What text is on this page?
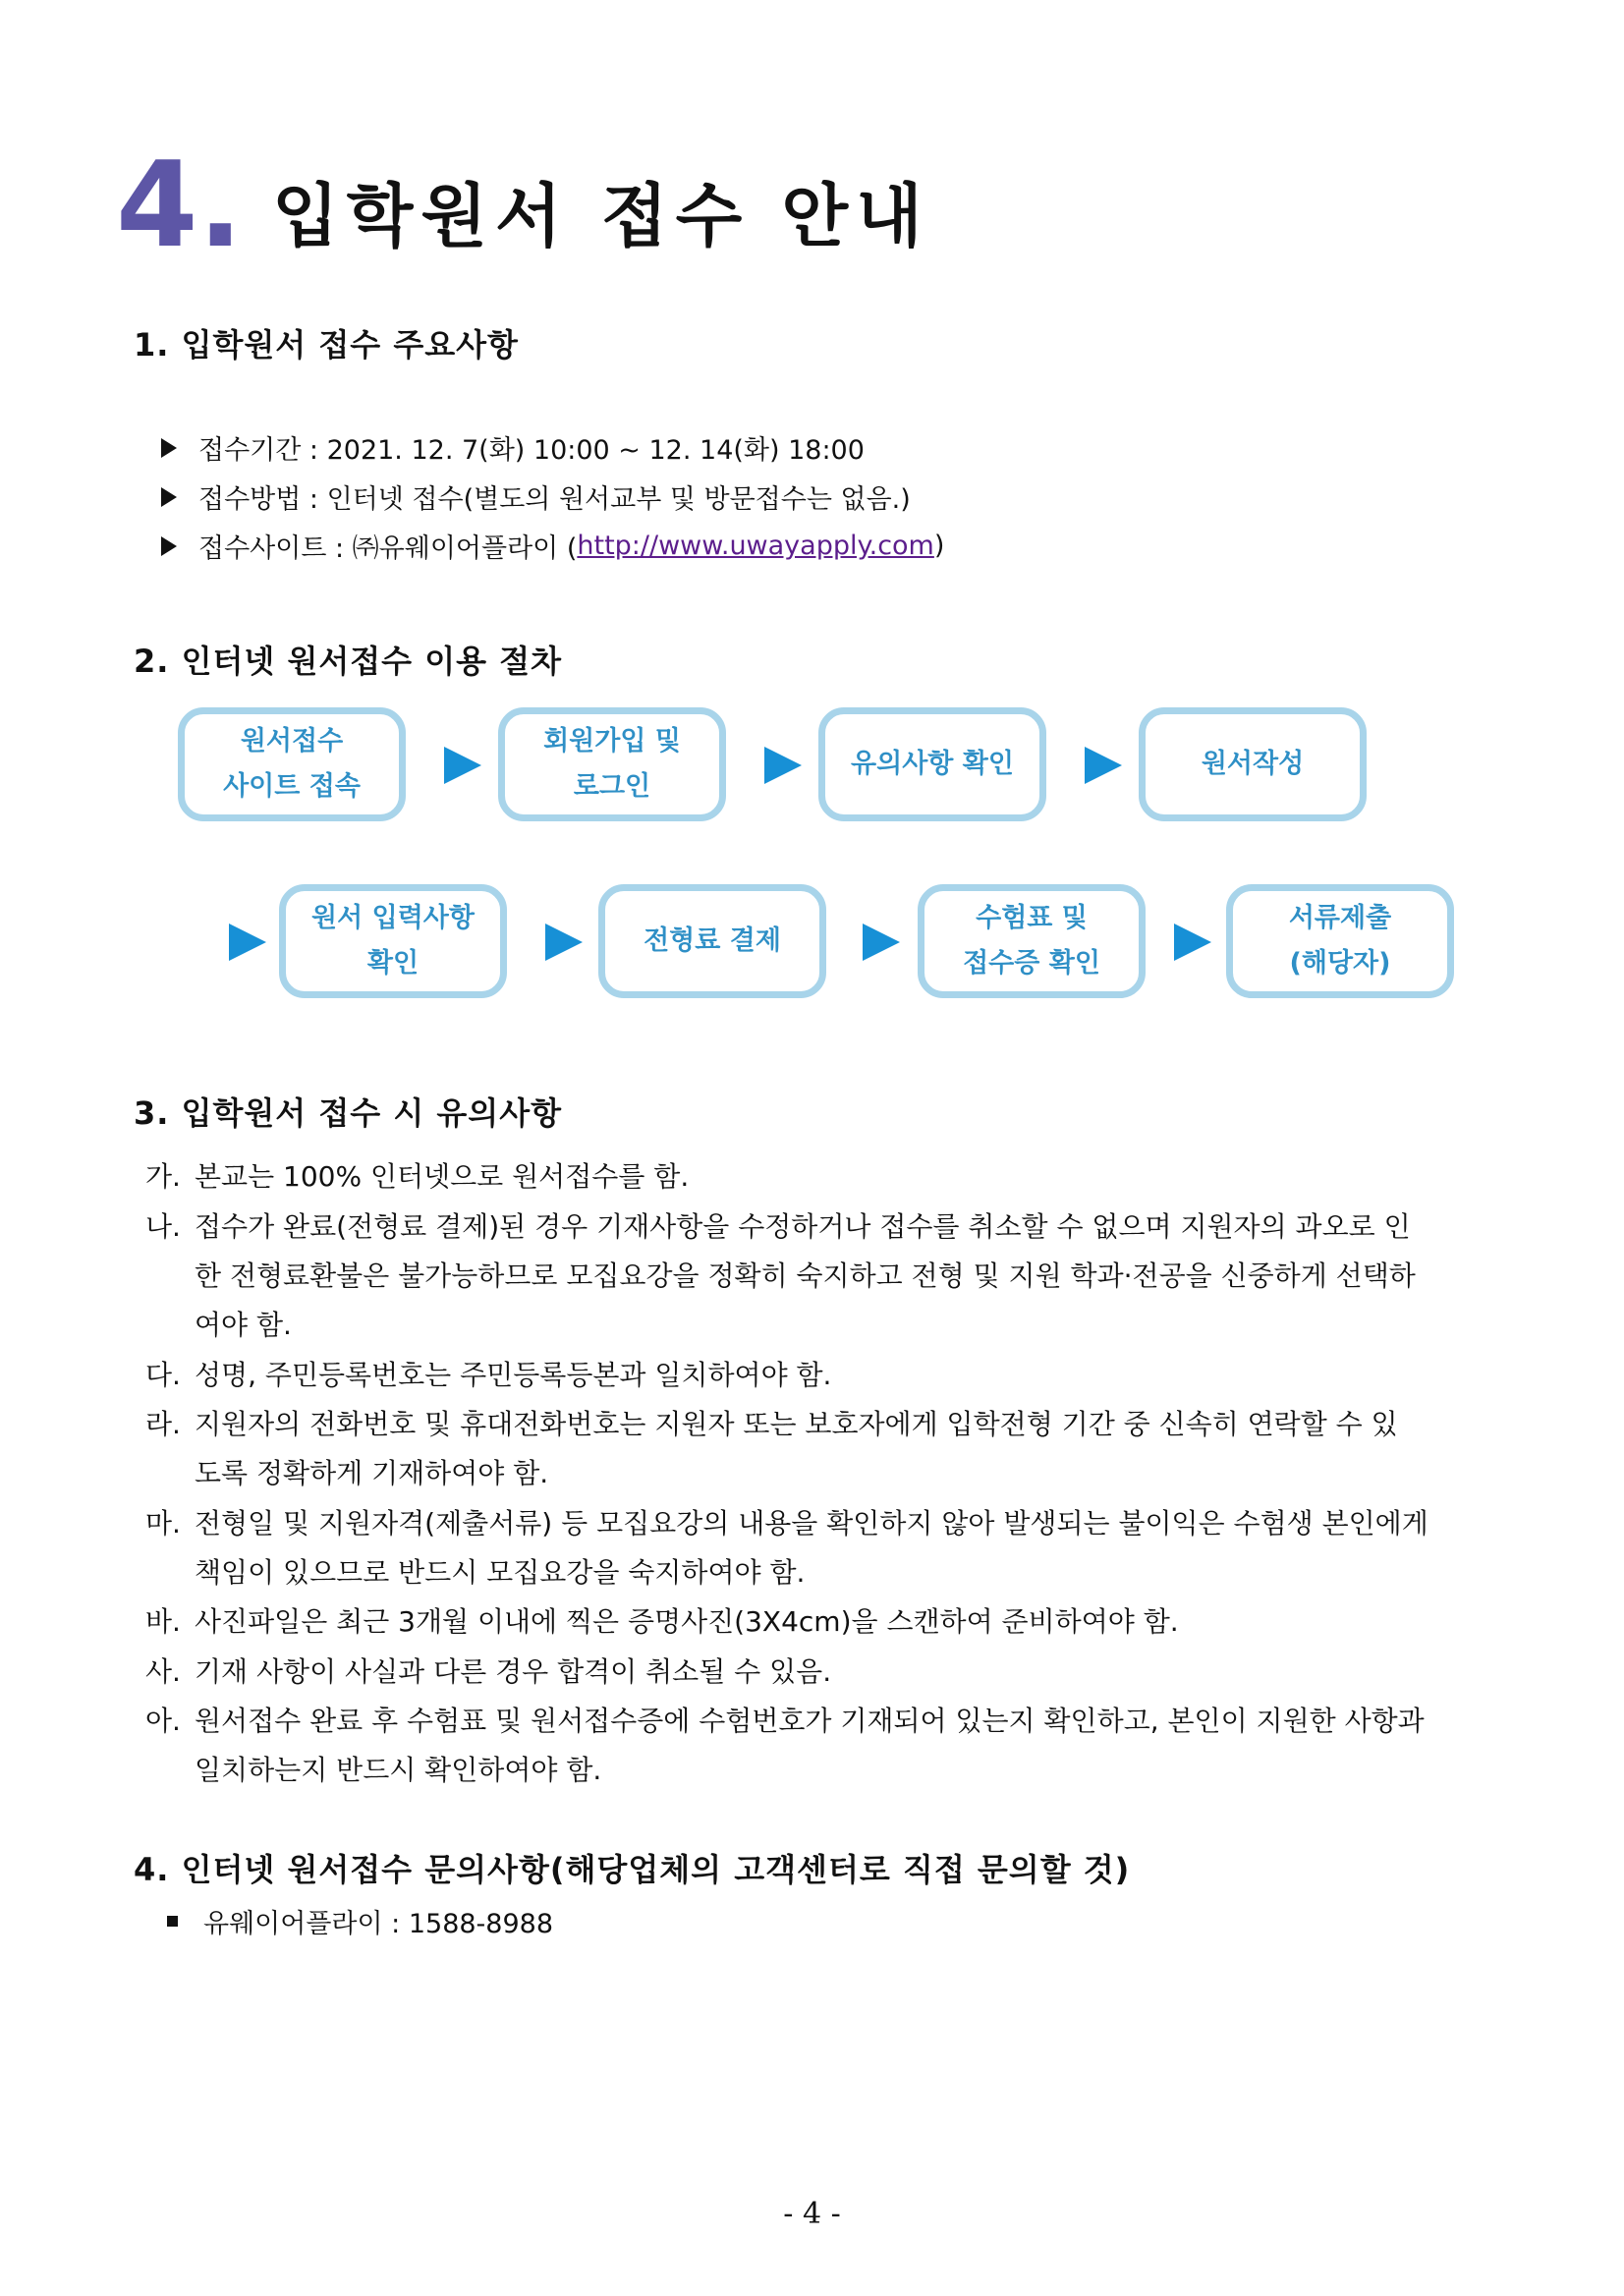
4. 입학원서 접수 안내
1. 입학원서 접수 주요사항
접수기간 : 2021. 12. 7(화) 10:00 ~ 12. 14(화) 18:00
접수방법 : 인터넷 접수(별도의 원서교부 및 방문접수는 없음.)
접수사이트 : ㈜유웨이어플라이 ( http://www.uwayapply.com )
2. 인터넷 원서접수 이용 절차
원서접수
사이트 접속
회원가입 및
로그인
유의사항 확인	원서작성
원서 입력사항
확인
전형료 결제
수험표 및
접수증 확인
서류제출
(해당자)
3. 입학원서 접수 시 유의사항
가. 본교는 100% 인터넷으로 원서접수를 함.
나. 접수가 완료(전형료 결제)된 경우 기재사항을 수정하거나 접수를 취소할 수 없으며 지원자의 과오로 인
한 전형료환불은 불가능하므로 모집요강을 정확히 숙지하고 전형 및 지원 학과·전공을 신중하게 선택하
여야 함.
다. 성명, 주민등록번호는 주민등록등본과 일치하여야 함.
라. 지원자의 전화번호 및 휴대전화번호는 지원자 또는 보호자에게 입학전형 기간 중 신속히 연락할 수 있
도록 정확하게 기재하여야 함.
마. 전형일 및 지원자격(제출서류) 등 모집요강의 내용을 확인하지 않아 발생되는 불이익은 수험생 본인에게
책임이 있으므로 반드시 모집요강을 숙지하여야 함.
바. 사진파일은 최근 3개월 이내에 찍은 증명사진(3X4cm)을 스캔하여 준비하여야 함.
사. 기재 사항이 사실과 다른 경우 합격이 취소될 수 있음.
아. 원서접수 완료 후 수험표 및 원서접수증에 수험번호가 기재되어 있는지 확인하고, 본인이 지원한 사항과
일치하는지 반드시 확인하여야 함.
4. 인터넷 원서접수 문의사항(해당업체의 고객센터로 직접 문의할 것)
유웨이어플라이 : 1588-8988
- 4 -
